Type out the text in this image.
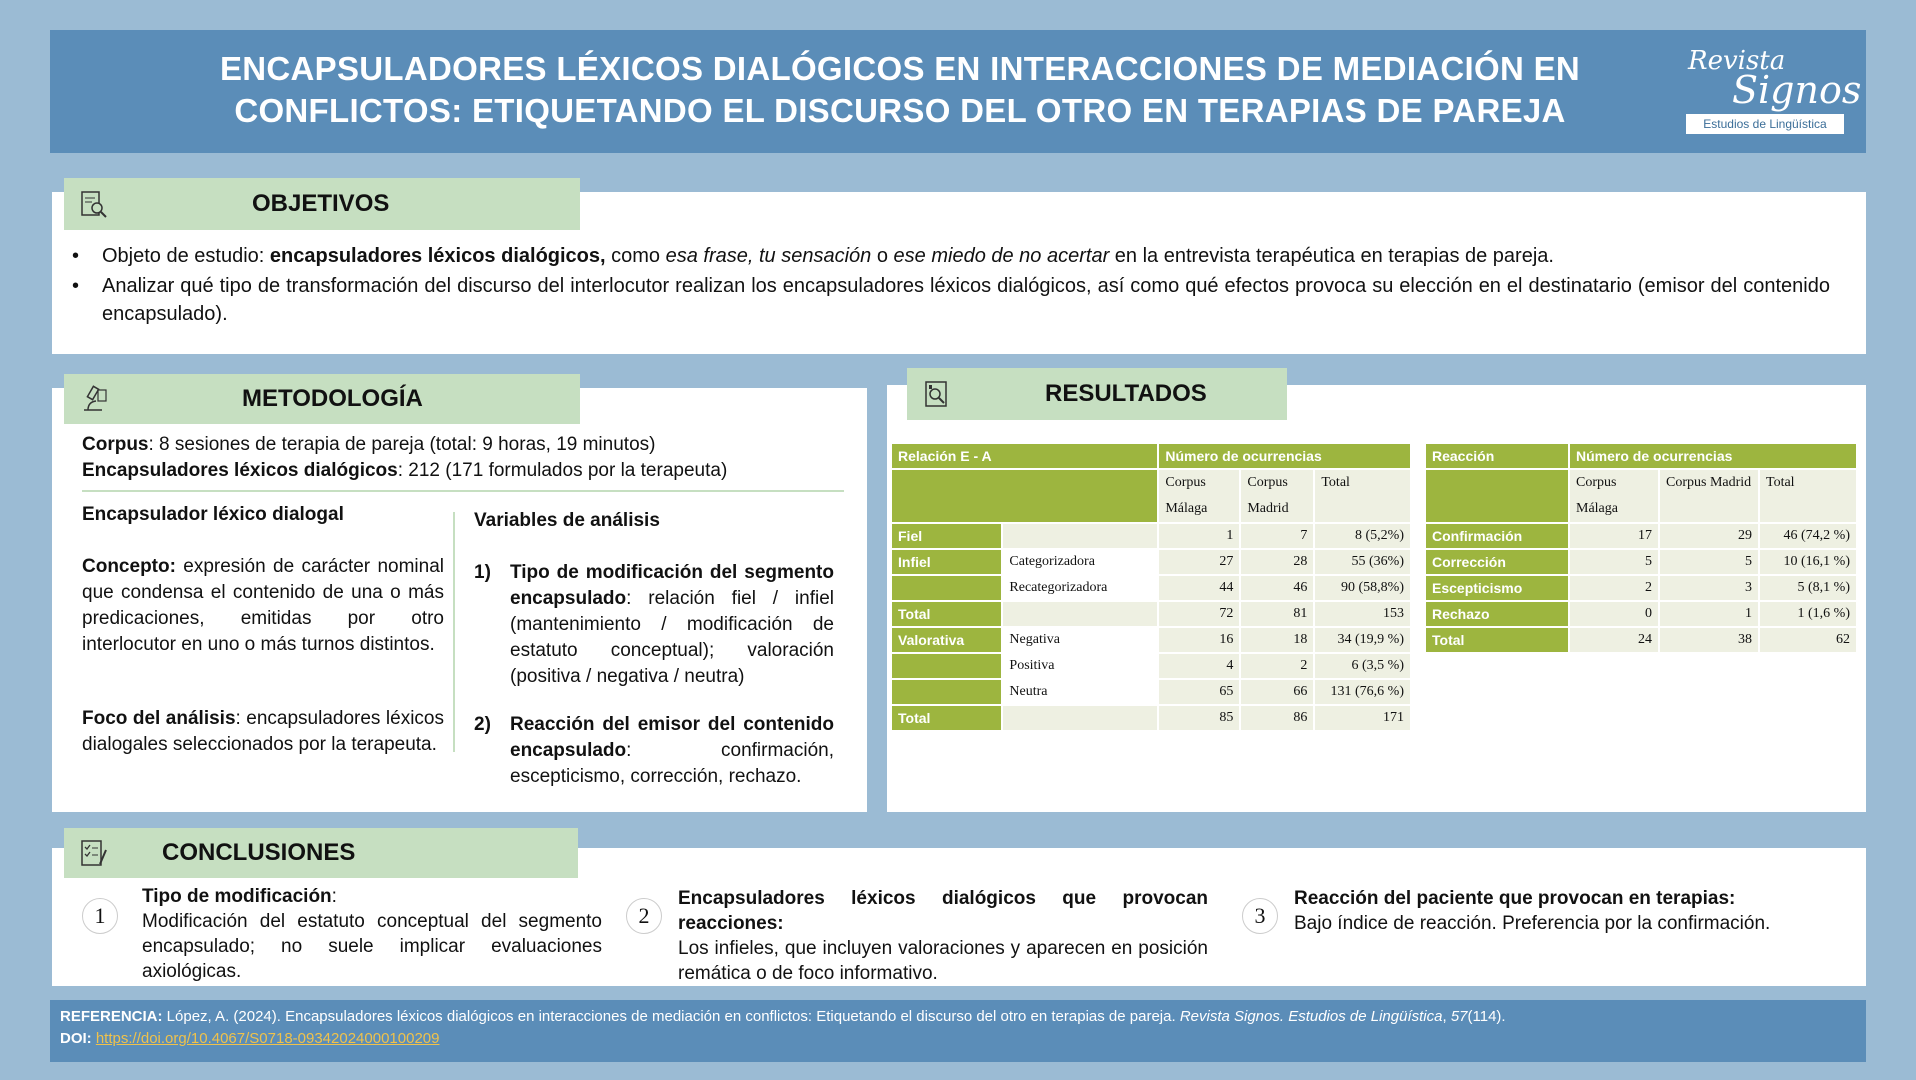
ENCAPSULADORES LÉXICOS DIALÓGICOS EN INTERACCIONES DE MEDIACIÓN EN
CONFLICTOS: ETIQUETANDO EL DISCURSO DEL OTRO EN TERAPIAS DE PAREJA
Revista
Signos
Estudios de Lingüística
OBJETIVOS
• Objeto de estudio: encapsuladores léxicos dialógicos, como esa frase, tu sensación o ese miedo de no acertar en la entrevista terapéutica en terapias de pareja.
• Analizar qué tipo de transformación del discurso del interlocutor realizan los encapsuladores léxicos dialógicos, así como qué efectos provoca su elección en el destinatario (emisor del contenido encapsulado).
METODOLOGÍA
Corpus: 8 sesiones de terapia de pareja (total: 9 horas, 19 minutos)
Encapsuladores léxicos dialógicos: 212 (171 formulados por la terapeuta)
Encapsulador léxico dialogal
Concepto: expresión de carácter nominal que condensa el contenido de una o más predicaciones, emitidas por otro interlocutor en uno o más turnos distintos.
Foco del análisis: encapsuladores léxicos dialogales seleccionados por la terapeuta.
Variables de análisis
1)	Tipo de modificación del segmento encapsulado: relación fiel / infiel (mantenimiento / modificación de estatuto conceptual); valoración (positiva / negativa / neutra)
2)	Reacción del emisor del contenido encapsulado: confirmación, escepticismo, corrección, rechazo.
RESULTADOS
Relación E - A		Número de ocurrencias		
		Corpus Málaga	Corpus Madrid	Total
Fiel		1	7	8 (5,2%)
Infiel	Categorizadora	27	28	55 (36%)
	Recategorizadora	44	46	90 (58,8%)
Total		72	81	153
Valorativa	Negativa	16	18	34 (19,9 %)
	Positiva	4	2	6 (3,5 %)
	Neutra	65	66	131 (76,6 %)
Total		85	86	171
Reacción	Número de ocurrencias		
	Corpus Málaga	Corpus Madrid	Total
Confirmación	17	29	46 (74,2 %)
Corrección	5	5	10 (16,1 %)
Escepticismo	2	3	5 (8,1 %)
Rechazo	0	1	1 (1,6 %)
Total	24	38	62
CONCLUSIONES
1
Tipo de modificación:
Modificación del estatuto conceptual del segmento encapsulado; no suele implicar evaluaciones axiológicas.
2
Encapsuladores léxicos dialógicos que provocan reacciones:
Los infieles, que incluyen valoraciones y aparecen en posición remática o de foco informativo.
3
Reacción del paciente que provocan en terapias:
Bajo índice de reacción. Preferencia por la confirmación.
REFERENCIA: López, A. (2024). Encapsuladores léxicos dialógicos en interacciones de mediación en conflictos: Etiquetando el discurso del otro en terapias de pareja. Revista Signos. Estudios de Lingüística, 57(114).
DOI: https://doi.org/10.4067/S0718-09342024000100209
